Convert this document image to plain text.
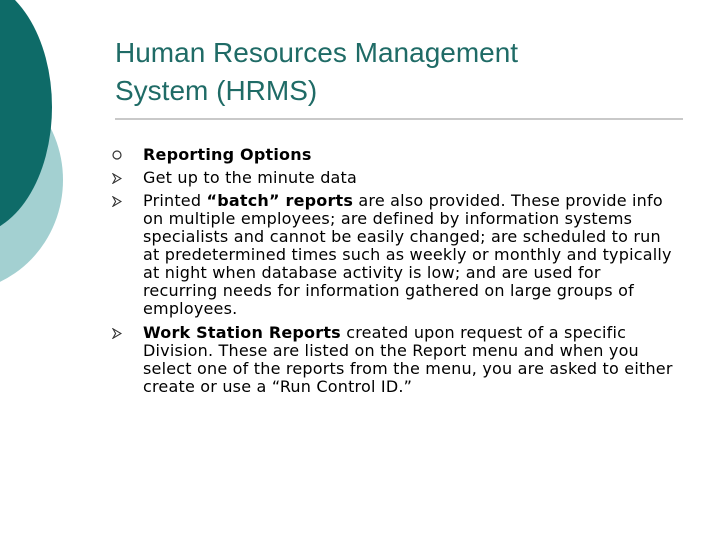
Human Resources Management
System (HRMS)
Reporting Options
Get up to the minute data
Printed “batch” reports are also provided. These provide info on multiple employees; are defined by information systems specialists and cannot be easily changed; are scheduled to run at predetermined times such as weekly or monthly and typically at night when database activity is low; and are used for recurring needs for information gathered on large groups of employees.
Work Station Reports created upon request of a specific Division. These are listed on the Report menu and when you select one of the reports from the menu, you are asked to either create or use a “Run Control ID.”
